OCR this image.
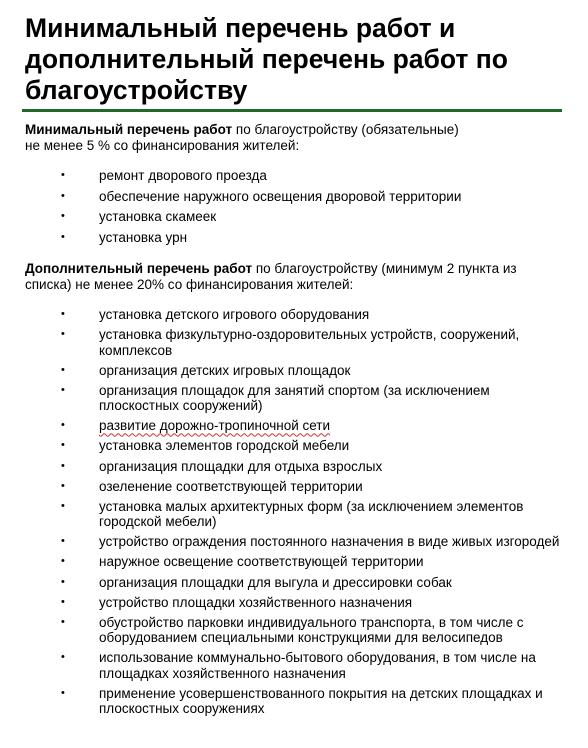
Минимальный перечень работ и дополнительный перечень работ по благоустройству

Минимальный перечень работ по благоустройству (обязательные)
не менее 5 % со финансирования жителей:

•	ремонт дворового проезда
•	обеспечение наружного освещения дворовой территории
•	установка скамеек
•	установка урн

Дополнительный перечень работ по благоустройству (минимум 2 пункта из списка) не менее 20% со финансирования жителей:

•	установка детского игрового оборудования
•	установка физкультурно-оздоровительных устройств, сооружений, комплексов
•	организация детских игровых площадок
•	организация площадок для занятий спортом (за исключением плоскостных сооружений)
•	развитие дорожно-тропиночной сети
•	установка элементов городской мебели
•	организация площадки для отдыха взрослых
•	озеленение соответствующей территории
•	установка малых архитектурных форм (за исключением элементов городской мебели)
•	устройство ограждения постоянного назначения в виде живых изгородей
•	наружное освещение соответствующей территории
•	организация площадки для выгула и дрессировки собак
•	устройство площадки хозяйственного назначения
•	обустройство парковки индивидуального транспорта, в том числе с оборудованием специальными конструкциями для велосипедов
•	использование коммунально-бытового оборудования, в том числе на площадках хозяйственного назначения
•	применение усовершенствованного покрытия на детских площадках и плоскостных сооружениях
